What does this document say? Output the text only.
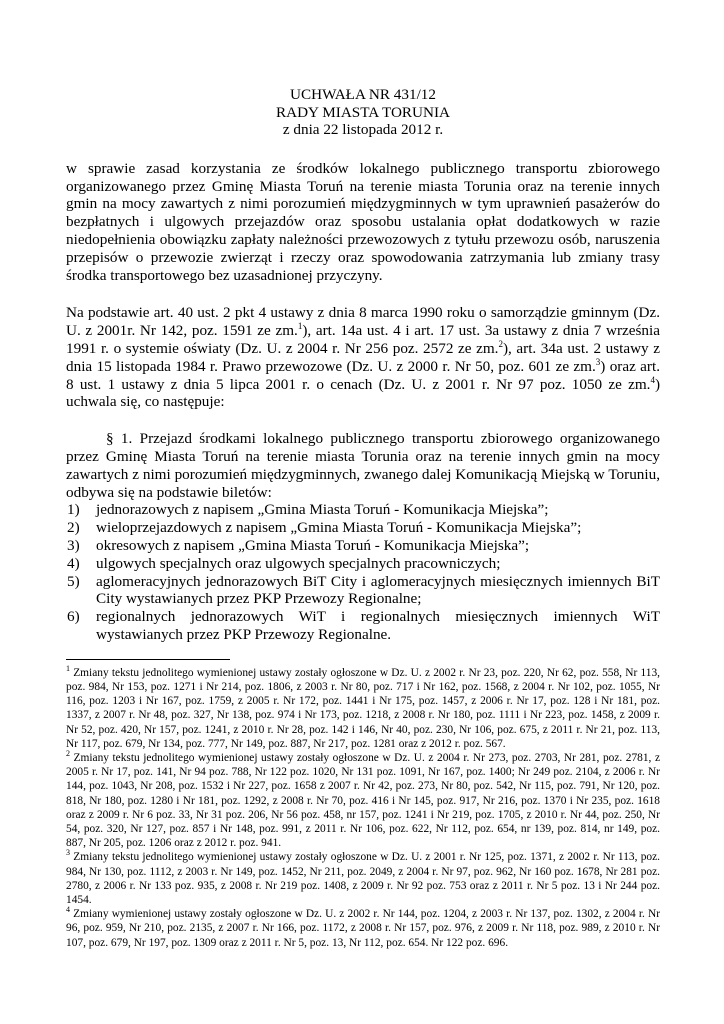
UCHWAŁA NR 431/12
RADY MIASTA TORUNIA
z dnia 22 listopada 2012 r.

w sprawie zasad korzystania ze środków lokalnego publicznego transportu zbiorowego organizowanego przez Gminę Miasta Toruń na terenie miasta Torunia oraz na terenie innych gmin na mocy zawartych z nimi porozumień międzygminnych w tym uprawnień pasażerów do bezpłatnych i ulgowych przejazdów oraz sposobu ustalania opłat dodatkowych w razie niedopełnienia obowiązku zapłaty należności przewozowych z tytułu przewozu osób, naruszenia przepisów o przewozie zwierząt i rzeczy oraz spowodowania zatrzymania lub zmiany trasy środka transportowego bez uzasadnionej przyczyny.

Na podstawie art. 40 ust. 2 pkt 4 ustawy z dnia 8 marca 1990 roku o samorządzie gminnym (Dz. U. z 2001r. Nr 142, poz. 1591 ze zm.$^1$), art. 14a ust. 4 i art. 17 ust. 3a ustawy z dnia 7 września 1991 r. o systemie oświaty (Dz. U. z 2004 r. Nr 256 poz. 2572 ze zm.$^2$), art. 34a ust. 2 ustawy z dnia 15 listopada 1984 r. Prawo przewozowe (Dz. U. z 2000 r. Nr 50, poz. 601 ze zm.$^3$) oraz art. 8 ust. 1 ustawy z dnia 5 lipca 2001 r. o cenach (Dz. U. z 2001 r. Nr 97 poz. 1050 ze zm.$^4$) uchwala się, co następuje:

§ 1. Przejazd środkami lokalnego publicznego transportu zbiorowego organizowanego przez Gminę Miasta Toruń na terenie miasta Torunia oraz na terenie innych gmin na mocy zawartych z nimi porozumień międzygminnych, zwanego dalej Komunikacją Miejską w Toruniu, odbywa się na podstawie biletów:

1) jednorazowych z napisem „Gmina Miasta Toruń - Komunikacja Miejska”;
2) wieloprzejazdowych z napisem „Gmina Miasta Toruń - Komunikacja Miejska”;
3) okresowych z napisem „Gmina Miasta Toruń - Komunikacja Miejska”;
4) ulgowych specjalnych oraz ulgowych specjalnych pracowniczych;
5) aglomeracyjnych jednorazowych BiT City i aglomeracyjnych miesięcznych imiennych BiT City wystawianych przez PKP Przewozy Regionalne;
6) regionalnych jednorazowych WiT i regionalnych miesięcznych imiennych WiT wystawianych przez PKP Przewozy Regionalne.

$^1$ Zmiany tekstu jednolitego wymienionej ustawy zostały ogłoszone w Dz. U. z 2002 r. Nr 23, poz. 220, Nr 62, poz. 558, Nr 113, poz. 984, Nr 153, poz. 1271 i Nr 214, poz. 1806, z 2003 r. Nr 80, poz. 717 i Nr 162, poz. 1568, z 2004 r. Nr 102, poz. 1055, Nr 116, poz. 1203 i Nr 167, poz. 1759, z 2005 r. Nr 172, poz. 1441 i Nr 175, poz. 1457, z 2006 r. Nr 17, poz. 128 i Nr 181, poz. 1337, z 2007 r. Nr 48, poz. 327, Nr 138, poz. 974 i Nr 173, poz. 1218, z 2008 r. Nr 180, poz. 1111 i Nr 223, poz. 1458, z 2009 r. Nr 52, poz. 420, Nr 157, poz. 1241, z 2010 r. Nr 28, poz. 142 i 146, Nr 40, poz. 230, Nr 106, poz. 675, z 2011 r. Nr 21, poz. 113, Nr 117, poz. 679, Nr 134, poz. 777, Nr 149, poz. 887, Nr 217, poz. 1281 oraz z 2012 r. poz. 567.

$^2$ Zmiany tekstu jednolitego wymienionej ustawy zostały ogłoszone w Dz. U. z 2004 r. Nr 273, poz. 2703, Nr 281, poz. 2781, z 2005 r. Nr 17, poz. 141, Nr 94 poz. 788, Nr 122 poz. 1020, Nr 131 poz. 1091, Nr 167, poz. 1400; Nr 249 poz. 2104, z 2006 r. Nr 144, poz. 1043, Nr 208, poz. 1532 i Nr 227, poz. 1658 z 2007 r. Nr 42, poz. 273, Nr 80, poz. 542, Nr 115, poz. 791, Nr 120, poz. 818, Nr 180, poz. 1280 i Nr 181, poz. 1292, z 2008 r. Nr 70, poz. 416 i Nr 145, poz. 917, Nr 216, poz. 1370 i Nr 235, poz. 1618 oraz z 2009 r. Nr 6 poz. 33, Nr 31 poz. 206, Nr 56 poz. 458, nr 157, poz. 1241 i Nr 219, poz. 1705, z 2010 r. Nr 44, poz. 250, Nr 54, poz. 320, Nr 127, poz. 857 i Nr 148, poz. 991, z 2011 r. Nr 106, poz. 622, Nr 112, poz. 654, nr 139, poz. 814, nr 149, poz. 887, Nr 205, poz. 1206 oraz z 2012 r. poz. 941.

$^3$ Zmiany tekstu jednolitego wymienionej ustawy zostały ogłoszone w Dz. U. z 2001 r. Nr 125, poz. 1371, z 2002 r. Nr 113, poz. 984, Nr 130, poz. 1112, z 2003 r. Nr 149, poz. 1452, Nr 211, poz. 2049, z 2004 r. Nr 97, poz. 962, Nr 160 poz. 1678, Nr 281 poz. 2780, z 2006 r. Nr 133 poz. 935, z 2008 r. Nr 219 poz. 1408, z 2009 r. Nr 92 poz. 753 oraz z 2011 r. Nr 5 poz. 13 i Nr 244 poz. 1454.

$^4$ Zmiany wymienionej ustawy zostały ogłoszone w Dz. U. z 2002 r. Nr 144, poz. 1204, z 2003 r. Nr 137, poz. 1302, z 2004 r. Nr 96, poz. 959, Nr 210, poz. 2135, z 2007 r. Nr 166, poz. 1172, z 2008 r. Nr 157, poz. 976, z 2009 r. Nr 118, poz. 989, z 2010 r. Nr 107, poz. 679, Nr 197, poz. 1309 oraz z 2011 r. Nr 5, poz. 13, Nr 112, poz. 654. Nr 122 poz. 696.
